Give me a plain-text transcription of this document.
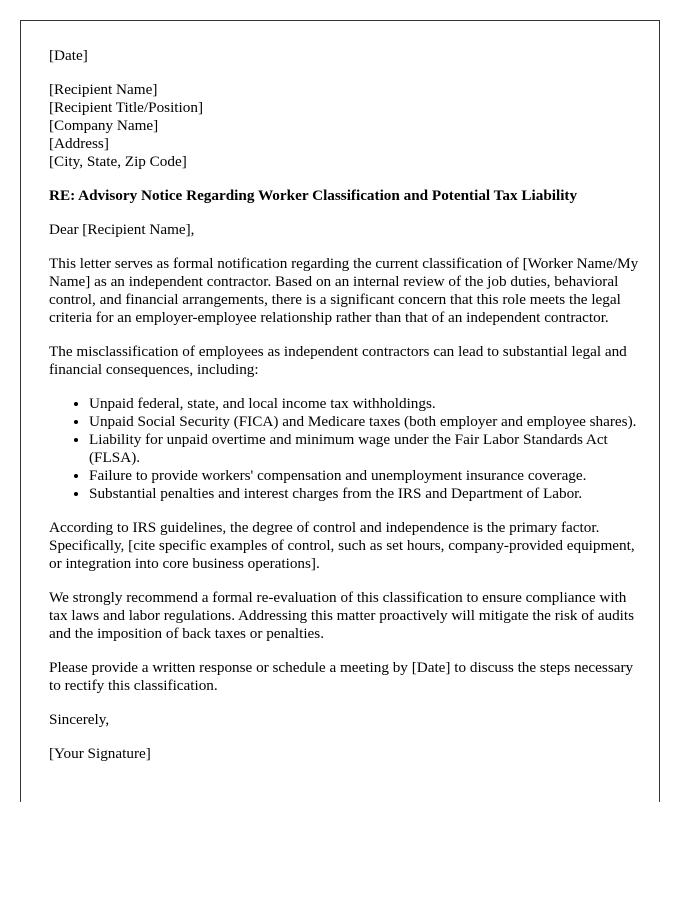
[Date]
[Recipient Name]
[Recipient Title/Position]
[Company Name]
[Address]
[City, State, Zip Code]
RE: Advisory Notice Regarding Worker Classification and Potential Tax Liability

Dear [Recipient Name],

This letter serves as formal notification regarding the current classification of [Worker Name/My Name] as an independent contractor. Based on an internal review of the job duties, behavioral control, and financial arrangements, there is a significant concern that this role meets the legal criteria for an employer-employee relationship rather than that of an independent contractor.

The misclassification of employees as independent contractors can lead to substantial legal and financial consequences, including:

• Unpaid federal, state, and local income tax withholdings.
• Unpaid Social Security (FICA) and Medicare taxes (both employer and employee shares).
• Liability for unpaid overtime and minimum wage under the Fair Labor Standards Act (FLSA).
• Failure to provide workers' compensation and unemployment insurance coverage.
• Substantial penalties and interest charges from the IRS and Department of Labor.

According to IRS guidelines, the degree of control and independence is the primary factor. Specifically, [cite specific examples of control, such as set hours, company-provided equipment, or integration into core business operations].

We strongly recommend a formal re-evaluation of this classification to ensure compliance with tax laws and labor regulations. Addressing this matter proactively will mitigate the risk of audits and the imposition of back taxes or penalties.

Please provide a written response or schedule a meeting by [Date] to discuss the steps necessary to rectify this classification.

Sincerely,

[Your Signature]
